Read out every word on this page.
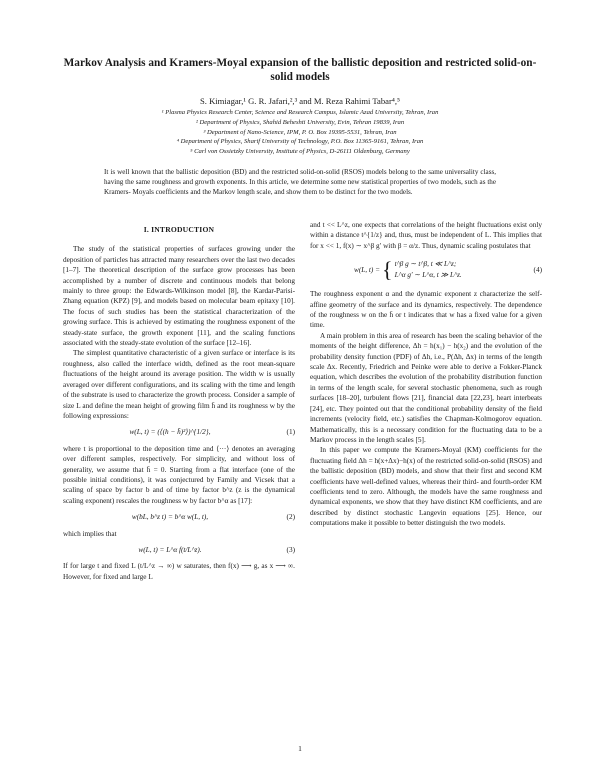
Markov Analysis and Kramers-Moyal expansion of the ballistic deposition and restricted solid-on-solid models
S. Kimiagar,¹ G. R. Jafari,²,³ and M. Reza Rahimi Tabar⁴,⁵
¹ Plasma Physics Research Center, Science and Research Campus, Islamic Azad University, Tehran, Iran
² Department of Physics, Shahid Beheshti University, Evin, Tehran 19839, Iran
³ Department of Nano-Science, IPM, P. O. Box 19395-5531, Tehran, Iran
⁴ Department of Physics, Sharif University of Technology, P.O. Box 11365-9161, Tehran, Iran
⁵ Carl von Ossietzky University, Institute of Physics, D-26111 Oldenburg, Germany
It is well known that the ballistic deposition (BD) and the restricted solid-on-solid (RSOS) models belong to the same universality class, having the same roughness and growth exponents. In this article, we determine some new statistical properties of two models, such as the Kramers- Moyals coefficients and the Markov length scale, and show them to be distinct for the two models.
I. INTRODUCTION

The study of the statistical properties of surfaces growing under the deposition of particles has attracted many researchers over the last two decades [1–7]. The theoretical description of the surface grow processes has been accomplished by a number of discrete and continuous models that belong mainly to three group: the Edwards-Wilkinson model [8], the Kardar-Parisi-Zhang equation (KPZ) [9], and models based on molecular beam epitaxy [10]. The focus of such studies has been the statistical characterization of the growing surface. This is achieved by estimating the roughness exponent of the steady-state surface, the growth exponent [11], and the scaling functions associated with the steady-state evolution of the surface [12–16].

The simplest quantitative characteristic of a given surface or interface is its roughness, also called the interface width, defined as the root mean-square fluctuations of the height around its average position. The width w is usually averaged over different configurations, and its scaling with the time and length of the substrate is used to characterize the growth process. Consider a sample of size L and define the mean height of growing film h̄ and its roughness w by the following expressions:

w(L, t) = (⟨(h − h̄)²⟩)^{1/2},	(1)

where t is proportional to the deposition time and ⟨···⟩ denotes an averaging over different samples, respectively. For simplicity, and without loss of generality, we assume that h̄ = 0. Starting from a flat interface (one of the possible initial conditions), it was conjectured by Family and Vicsek that a scaling of space by factor b and of time by factor b^z (z is the dynamical scaling exponent) rescales the roughness w by factor b^α as [17]:

w(bL, b^z t) = b^α w(L, t),	(2)

which implies that

w(L, t) = L^α f(t/L^z).	(3)

If for large t and fixed L (t/L^z → ∞) w saturates, then f(x) ⟶ g, as x ⟶ ∞. However, for fixed and large L

and t << L^z, one expects that correlations of the height fluctuations exist only within a distance t^{1/z} and, thus, must be independent of L. This implies that for x << 1, f(x) ∼ x^β g′ with β = α/z. Thus, dynamic scaling postulates that

w(L, t) = { t^β g ∼ t^β, t ≪ L^z;
L^α g′ ∼ L^α, t ≫ L^z.
(4)

The roughness exponent α and the dynamic exponent z characterize the self-affine geometry of the surface and its dynamics, respectively. The dependence of the roughness w on the h̄ or t indicates that w has a fixed value for a given time.

A main problem in this area of research has been the scaling behavior of the moments of the height difference, Δh = h(x₁) − h(x₂) and the evolution of the probability density function (PDF) of Δh, i.e., P(Δh, Δx) in terms of the length scale Δx. Recently, Friedrich and Peinke were able to derive a Fokker-Planck equation, which describes the evolution of the probability distribution function in terms of the length scale, for several stochastic phenomena, such as rough surfaces [18–20], turbulent flows [21], financial data [22,23], heart interbeats [24], etc. They pointed out that the conditional probability density of the field increments (velocity field, etc.) satisfies the Chapman-Kolmogorov equation. Mathematically, this is a necessary condition for the fluctuating data to be a Markov process in the length scales [5].

In this paper we compute the Kramers-Moyal (KM) coefficients for the fluctuating field Δh = h(x+Δx)−h(x) of the restricted solid-on-solid (RSOS) and the ballistic deposition (BD) models, and show that their first and second KM coefficients have well-defined values, whereas their third- and fourth-order KM coefficients tend to zero. Although, the models have the same roughness and dynamical exponents, we show that they have distinct KM coefficients, and are described by distinct stochastic Langevin equations [25]. Hence, our computations make it possible to better distinguish the two models.

1
